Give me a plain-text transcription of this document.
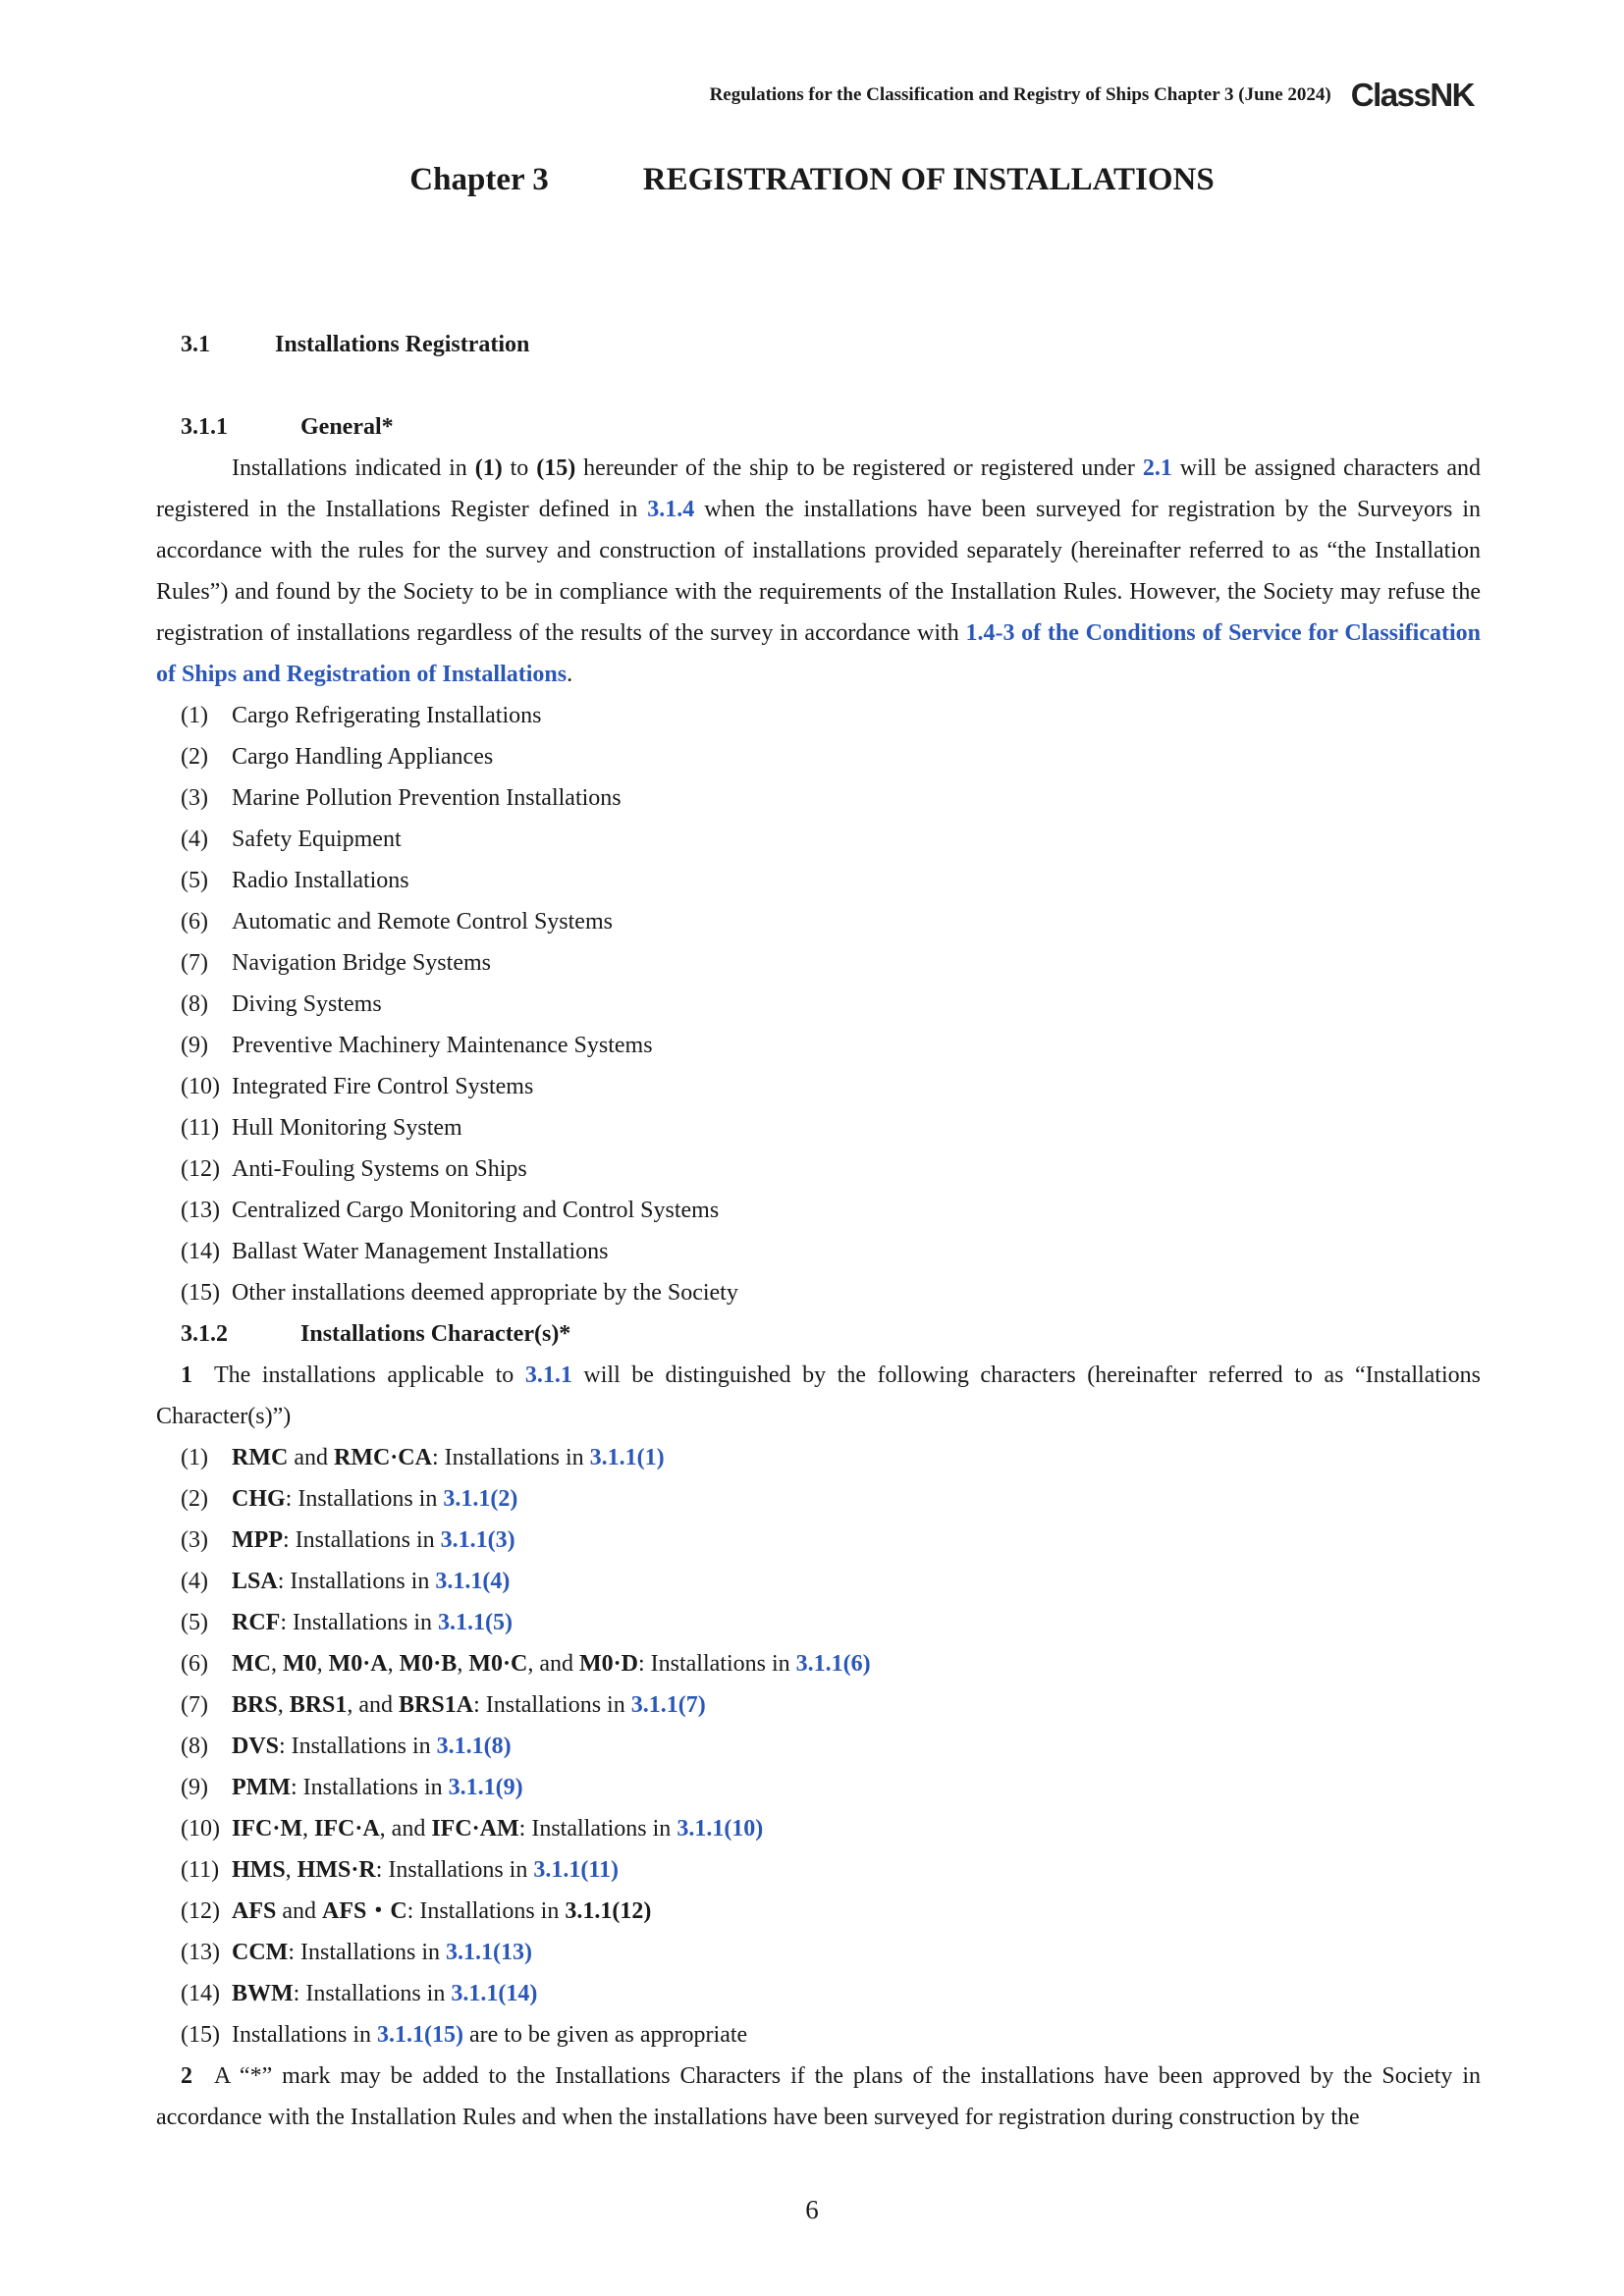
Regulations for the Classification and Registry of Ships Chapter 3 (June 2024) ClassNK
Chapter 3	REGISTRATION OF INSTALLATIONS
3.1	Installations Registration
3.1.1	General*

Installations indicated in (1) to (15) hereunder of the ship to be registered or registered under 2.1 will be assigned characters and registered in the Installations Register defined in 3.1.4 when the installations have been surveyed for registration by the Surveyors in accordance with the rules for the survey and construction of installations provided separately (hereinafter referred to as “the Installation Rules”) and found by the Society to be in compliance with the requirements of the Installation Rules. However, the Society may refuse the registration of installations regardless of the results of the survey in accordance with 1.4-3 of the Conditions of Service for Classification of Ships and Registration of Installations.

(1) Cargo Refrigerating Installations
(2) Cargo Handling Appliances
(3) Marine Pollution Prevention Installations
(4) Safety Equipment
(5) Radio Installations
(6) Automatic and Remote Control Systems
(7) Navigation Bridge Systems
(8) Diving Systems
(9) Preventive Machinery Maintenance Systems
(10) Integrated Fire Control Systems
(11) Hull Monitoring System
(12) Anti-Fouling Systems on Ships
(13) Centralized Cargo Monitoring and Control Systems
(14) Ballast Water Management Installations
(15) Other installations deemed appropriate by the Society
3.1.2	Installations Character(s)*

1 The installations applicable to 3.1.1 will be distinguished by the following characters (hereinafter referred to as “Installations Character(s)”)

(1) RMC and RMC·CA: Installations in 3.1.1(1)
(2) CHG: Installations in 3.1.1(2)
(3) MPP: Installations in 3.1.1(3)
(4) LSA: Installations in 3.1.1(4)
(5) RCF: Installations in 3.1.1(5)
(6) MC, M0, M0·A, M0·B, M0·C, and M0·D: Installations in 3.1.1(6)
(7) BRS, BRS1, and BRS1A: Installations in 3.1.1(7)
(8) DVS: Installations in 3.1.1(8)
(9) PMM: Installations in 3.1.1(9)
(10) IFC·M, IFC·A, and IFC·AM: Installations in 3.1.1(10)
(11) HMS, HMS·R: Installations in 3.1.1(11)
(12) AFS and AFS・C: Installations in 3.1.1(12)
(13) CCM: Installations in 3.1.1(13)
(14) BWM: Installations in 3.1.1(14)
(15) Installations in 3.1.1(15) are to be given as appropriate

2 A “*” mark may be added to the Installations Characters if the plans of the installations have been approved by the Society in accordance with the Installation Rules and when the installations have been surveyed for registration during construction by the

6
